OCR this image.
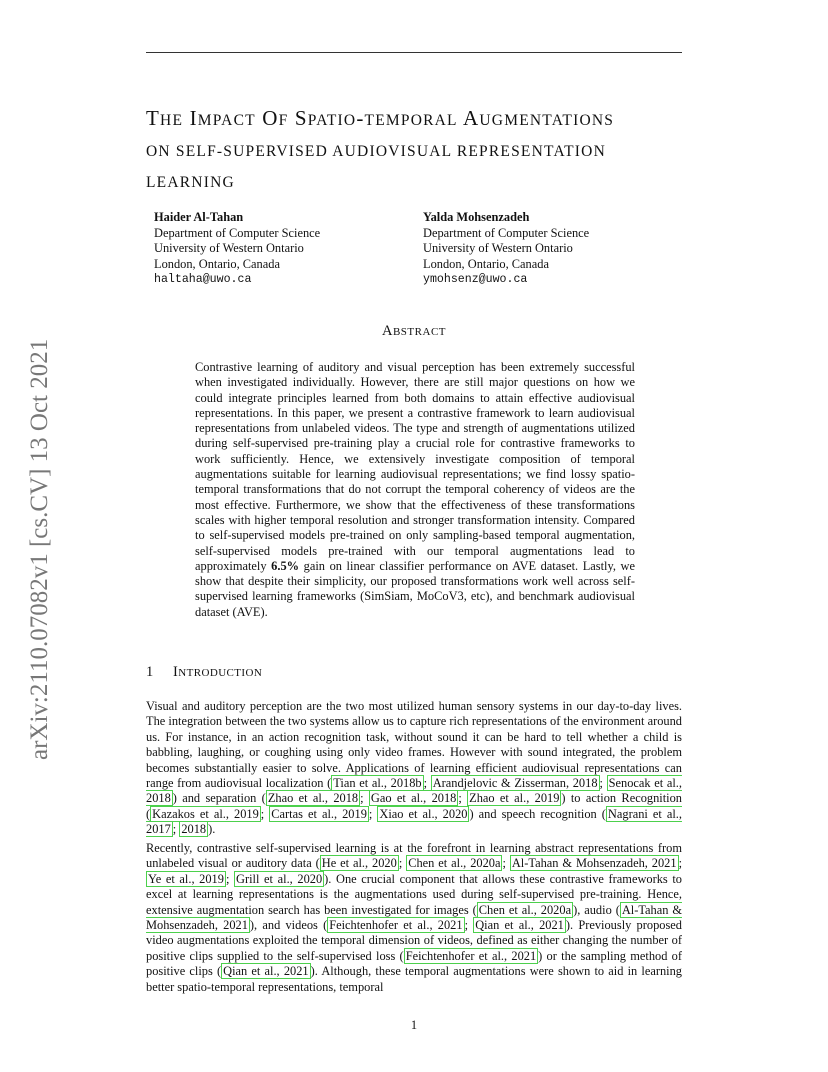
arXiv:2110.07082v1 [cs.CV] 13 Oct 2021
THE IMPACT OF SPATIO-TEMPORAL AUGMENTATIONS
ON SELF-SUPERVISED AUDIOVISUAL REPRESENTATION
LEARNING
Haider Al-Tahan
Department of Computer Science
University of Western Ontario
London, Ontario, Canada
haltaha@uwo.ca
Yalda Mohsenzadeh
Department of Computer Science
University of Western Ontario
London, Ontario, Canada
ymohsenz@uwo.ca
ABSTRACT

Contrastive learning of auditory and visual perception has been extremely successful when investigated individually. However, there are still major questions on how we could integrate principles learned from both domains to attain effective audiovisual representations. In this paper, we present a contrastive framework to learn audiovisual representations from unlabeled videos. The type and strength of augmentations utilized during self-supervised pre-training play a crucial role for contrastive frameworks to work sufficiently. Hence, we extensively investigate composition of temporal augmentations suitable for learning audiovisual representations; we find lossy spatio-temporal transformations that do not corrupt the temporal coherency of videos are the most effective. Furthermore, we show that the effectiveness of these transformations scales with higher temporal resolution and stronger transformation intensity. Compared to self-supervised models pre-trained on only sampling-based temporal augmentation, self-supervised models pre-trained with our temporal augmentations lead to approximately 6.5% gain on linear classifier performance on AVE dataset. Lastly, we show that despite their simplicity, our proposed transformations work well across self-supervised learning frameworks (SimSiam, MoCoV3, etc), and benchmark audiovisual dataset (AVE).

1 INTRODUCTION

Visual and auditory perception are the two most utilized human sensory systems in our day-to-day lives. The integration between the two systems allow us to capture rich representations of the environment around us. For instance, in an action recognition task, without sound it can be hard to tell whether a child is babbling, laughing, or coughing using only video frames. However with sound integrated, the problem becomes substantially easier to solve. Applications of learning efficient audiovisual representations can range from audiovisual localization ( Tian et al., 2018b ; Arandjelovic & Zisserman, 2018 ; Senocak et al., 2018 ) and separation ( Zhao et al., 2018 ; Gao et al., 2018 ; Zhao et al., 2019 ) to action Recognition ( Kazakos et al., 2019 ; Cartas et al., 2019 ; Xiao et al., 2020 ) and speech recognition ( Nagrani et al., 2017 ; 2018 ).

Recently, contrastive self-supervised learning is at the forefront in learning abstract representations from unlabeled visual or auditory data ( He et al., 2020 ; Chen et al., 2020a ; Al-Tahan & Mohsenzadeh, 2021 ; Ye et al., 2019 ; Grill et al., 2020 ). One crucial component that allows these contrastive frameworks to excel at learning representations is the augmentations used during self-supervised pre-training. Hence, extensive augmentation search has been investigated for images ( Chen et al., 2020a ), audio ( Al-Tahan & Mohsenzadeh, 2021 ), and videos ( Feichtenhofer et al., 2021 ; Qian et al., 2021 ). Previously proposed video augmentations exploited the temporal dimension of videos, defined as either changing the number of positive clips supplied to the self-supervised loss ( Feichtenhofer et al., 2021 ) or the sampling method of positive clips ( Qian et al., 2021 ). Although, these temporal augmentations were shown to aid in learning better spatio-temporal representations, temporal

1
